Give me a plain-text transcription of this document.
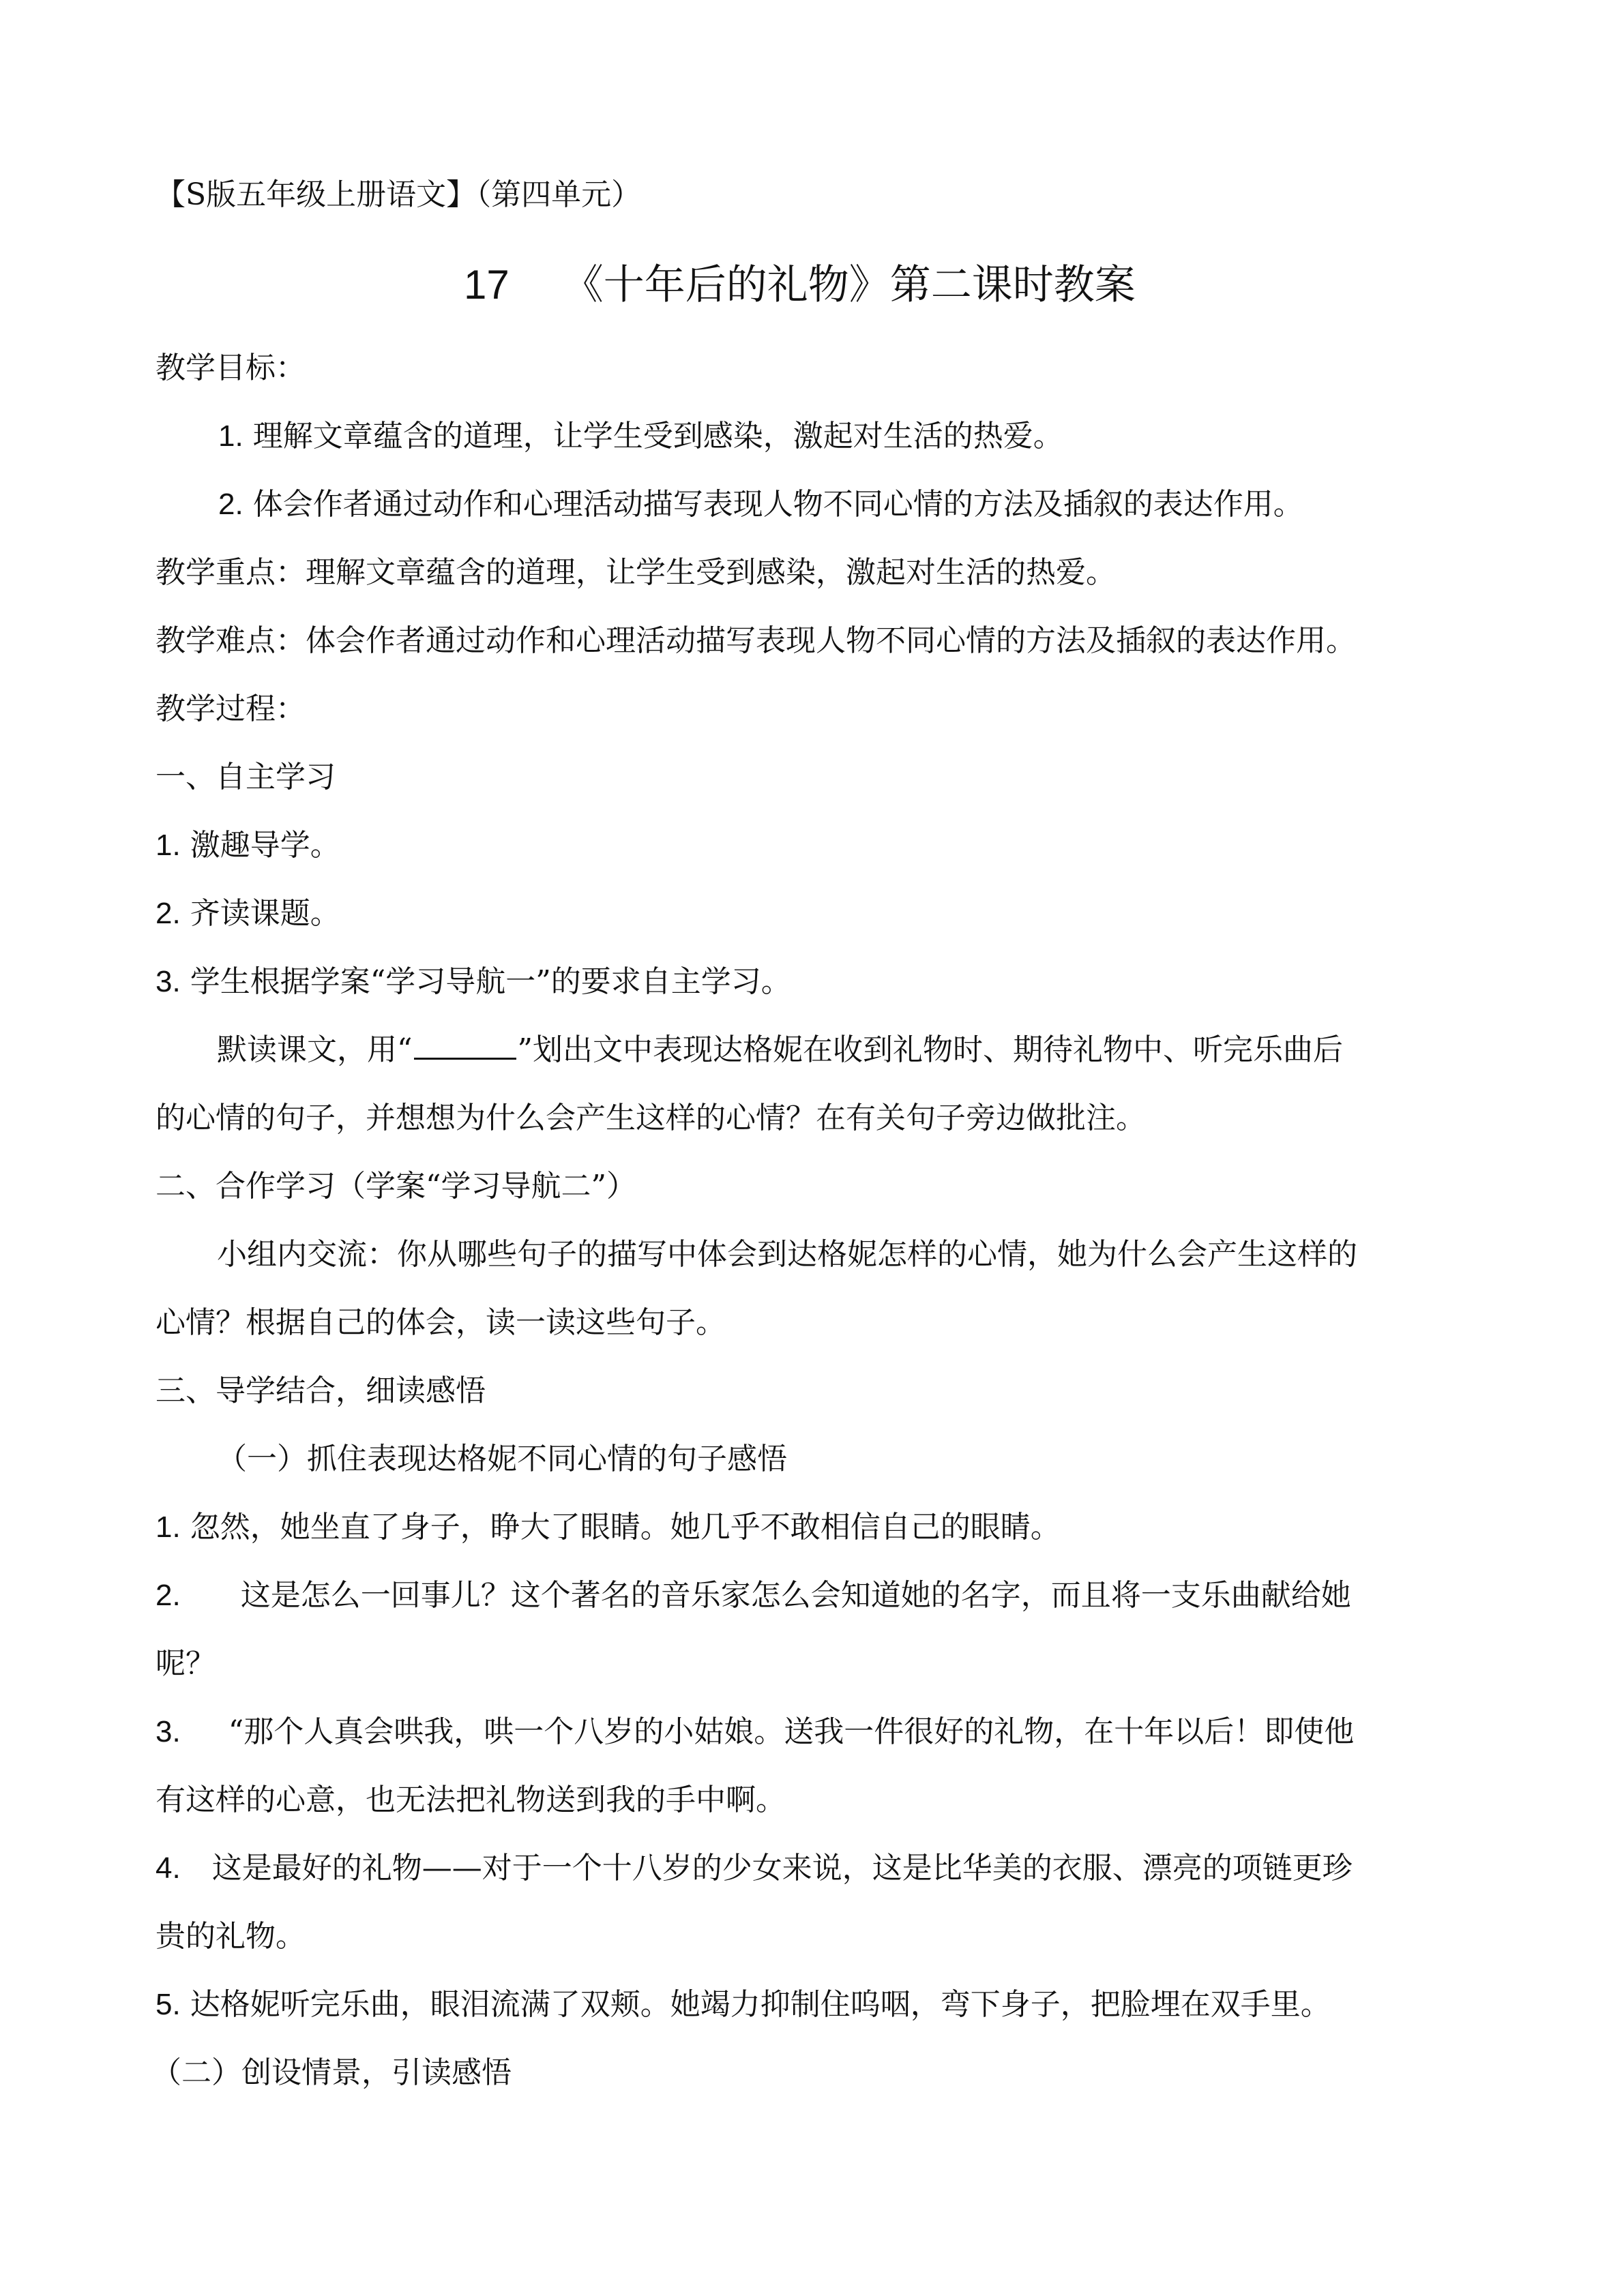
【S版五年级上册语文】（第四单元）
17 《十年后的礼物》第二课时教案
教学目标：
1. 理解文章蕴含的道理，让学生受到感染，激起对生活的热爱。
2. 体会作者通过动作和心理活动描写表现人物不同心情的方法及插叙的表达作用。
教学重点：理解文章蕴含的道理，让学生受到感染，激起对生活的热爱。
教学难点：体会作者通过动作和心理活动描写表现人物不同心情的方法及插叙的表达作用。
教学过程：
一、自主学习
1. 激趣导学。
2. 齐读课题。
3. 学生根据学案“学习导航一”的要求自主学习。
默读课文，用“	”划出文中表现达格妮在收到礼物时、期待礼物中、听完乐曲后
的心情的句子，并想想为什么会产生这样的心情？在有关句子旁边做批注。
二、合作学习（学案“学习导航二”）
小组内交流：你从哪些句子的描写中体会到达格妮怎样的心情，她为什么会产生这样的
心情？根据自己的体会，读一读这些句子。
三、导学结合，细读感悟
（一）抓住表现达格妮不同心情的句子感悟
1. 忽然，她坐直了身子，睁大了眼睛。她几乎不敢相信自己的眼睛。
2. 这是怎么一回事儿？这个著名的音乐家怎么会知道她的名字，而且将一支乐曲献给她
呢？
3. “那个人真会哄我，哄一个八岁的小姑娘。送我一件很好的礼物，在十年以后！即使他
有这样的心意，也无法把礼物送到我的手中啊。
4. 这是最好的礼物——对于一个十八岁的少女来说，这是比华美的衣服、漂亮的项链更珍
贵的礼物。
5. 达格妮听完乐曲，眼泪流满了双颊。她竭力抑制住呜咽，弯下身子，把脸埋在双手里。
（二）创设情景，引读感悟
